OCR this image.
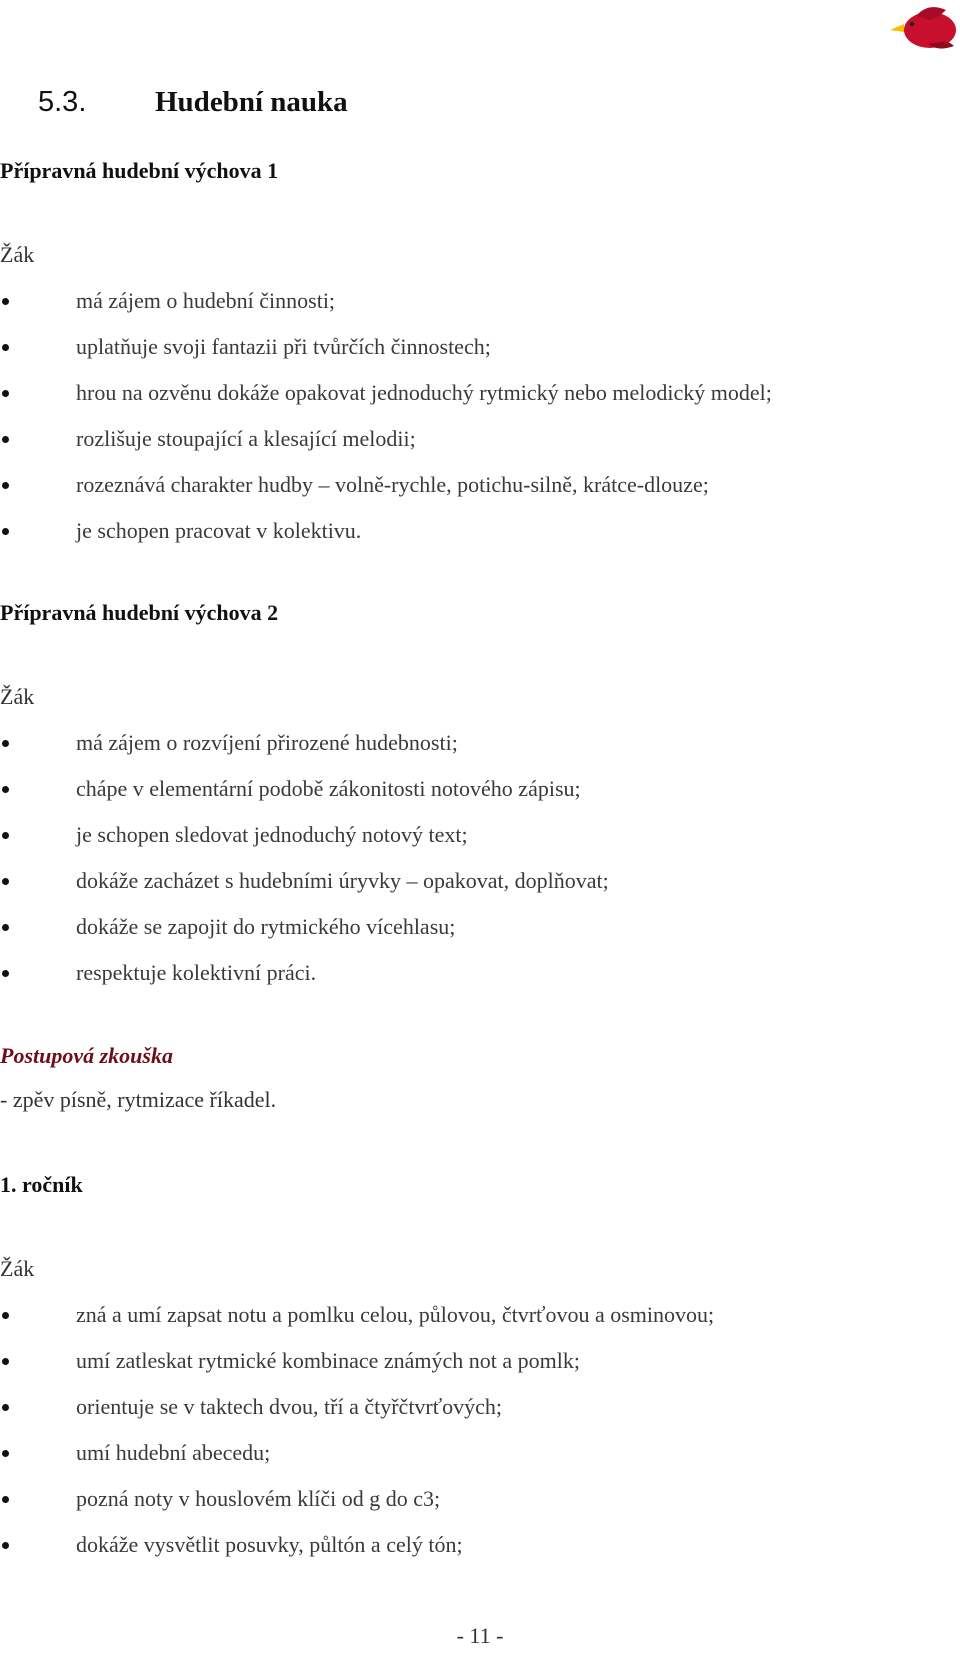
5.3. Hudební nauka
Přípravná hudební výchova 1
Žák
má zájem o hudební činnosti;
uplatňuje svoji fantazii při tvůrčích činnostech;
hrou na ozvěnu dokáže opakovat jednoduchý rytmický nebo melodický model;
rozlišuje stoupající a klesající melodii;
rozeznává charakter hudby – volně-rychle, potichu-silně, krátce-dlouze;
je schopen pracovat v kolektivu.
Přípravná hudební výchova 2
Žák
má zájem o rozvíjení přirozené hudebnosti;
chápe v elementární podobě zákonitosti notového zápisu;
je schopen sledovat jednoduchý notový text;
dokáže zacházet s hudebními úryvky – opakovat, doplňovat;
dokáže se zapojit do rytmického vícehlasu;
respektuje kolektivní práci.
Postupová zkouška
- zpěv písně, rytmizace říkadel.
1. ročník
Žák
zná a umí zapsat notu a pomlku celou, půlovou, čtvrťovou a osminovou;
umí zatleskat rytmické kombinace známých not a pomlk;
orientuje se v taktech dvou, tří a čtyřčtvrťových;
umí hudební abecedu;
pozná noty v houslovém klíči od g do c3;
dokáže vysvětlit posuvky, půltón a celý tón;
- 11 -
